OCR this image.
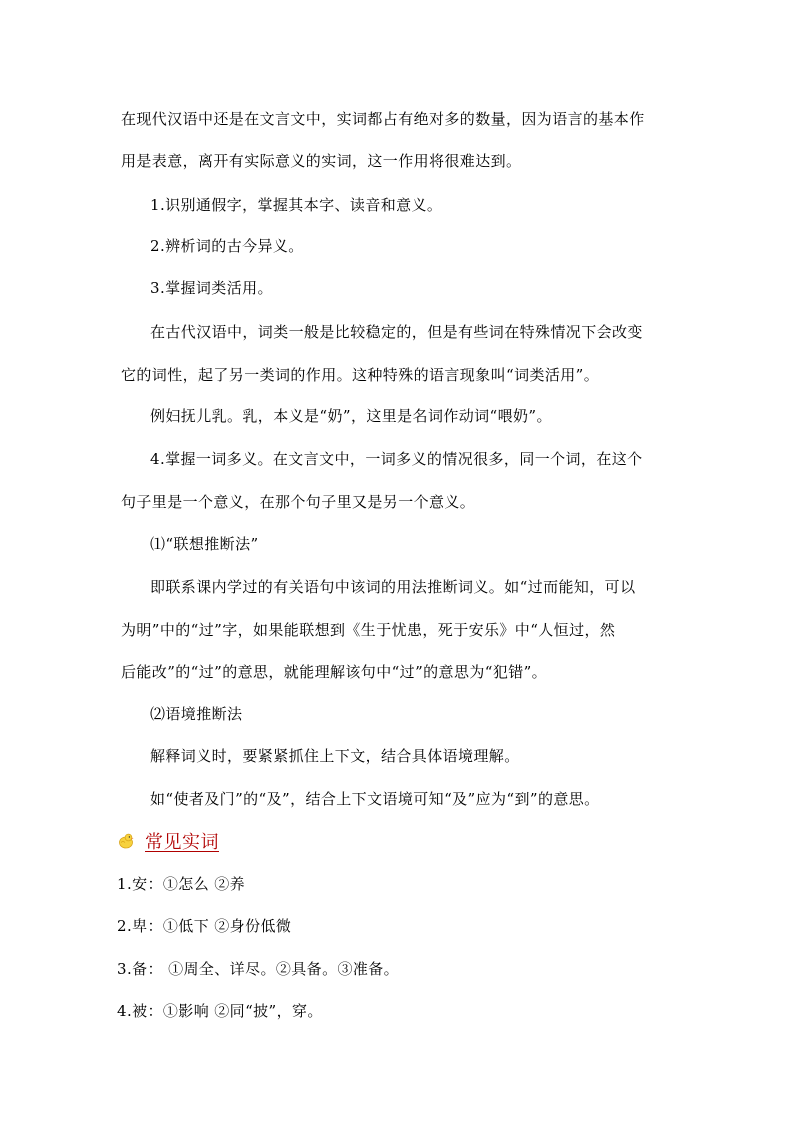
在现代汉语中还是在文言文中，实词都占有绝对多的数量，因为语言的基本作
用是表意，离开有实际意义的实词，这一作用将很难达到。
1.识别通假字，掌握其本字、读音和意义。
2.辨析词的古今异义。
3.掌握词类活用。
在古代汉语中，词类一般是比较稳定的，但是有些词在特殊情况下会改变
它的词性，起了另一类词的作用。这种特殊的语言现象叫“词类活用”。
例妇抚儿乳。乳，本义是“奶”，这里是名词作动词“喂奶”。
4.掌握一词多义。在文言文中，一词多义的情况很多，同一个词，在这个
句子里是一个意义，在那个句子里又是另一个意义。
⑴“联想推断法”
即联系课内学过的有关语句中该词的用法推断词义。如“过而能知，可以
为明”中的“过”字，如果能联想到《生于忧患，死于安乐》中“人恒过，然
后能改”的“过”的意思，就能理解该句中“过”的意思为“犯错”。
⑵语境推断法
解释词义时，要紧紧抓住上下文，结合具体语境理解。
如“使者及门”的“及”，结合上下文语境可知“及”应为“到”的意思。
常见实词
1.安：①怎么 ②养
2.卑：①低下 ②身份低微
3.备： ①周全、详尽。②具备。③准备。
4.被：①影响 ②同“披”，穿。
